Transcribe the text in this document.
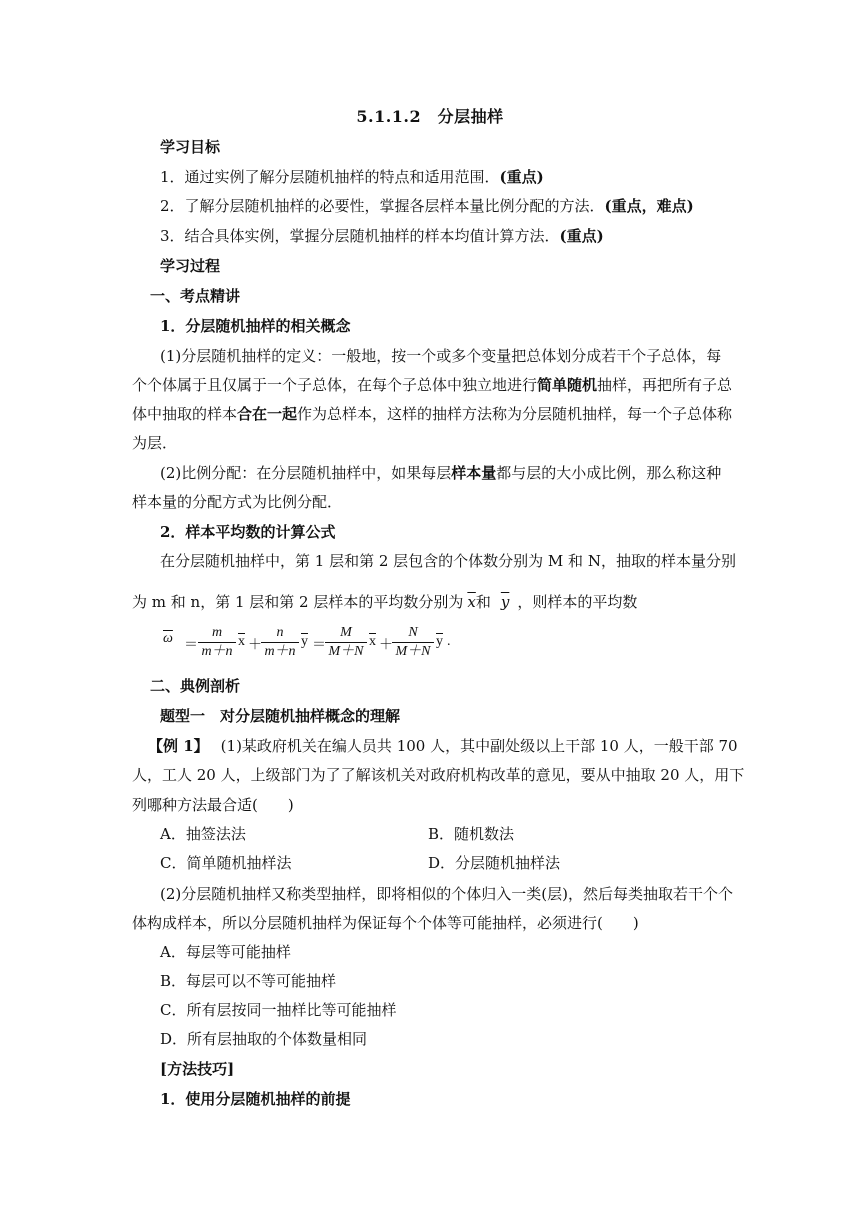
5.1.1.2　分层抽样
学习目标
1．通过实例了解分层随机抽样的特点和适用范围．(重点)
2．了解分层随机抽样的必要性，掌握各层样本量比例分配的方法．(重点，难点)
3．结合具体实例，掌握分层随机抽样的样本均值计算方法．(重点)
学习过程
一、考点精讲
1．分层随机抽样的相关概念
(1)分层随机抽样的定义：一般地，按一个或多个变量把总体划分成若干个子总体，每
个个体属于且仅属于一个子总体，在每个子总体中独立地进行简单随机抽样，再把所有子总
体中抽取的样本合在一起作为总样本，这样的抽样方法称为分层随机抽样，每一个子总体称
为层．
(2)比例分配：在分层随机抽样中，如果每层样本量都与层的大小成比例，那么称这种
样本量的分配方式为比例分配．
2．样本平均数的计算公式
在分层随机抽样中，第 1 层和第 2 层包含的个体数分别为 M 和 N，抽取的样本量分别
为 m 和 n，第 1 层和第 2 层样本的平均数分别为 $\overline{x}$和 $\overline{y}$ ，则样本的平均数
$\overline{\omega} = \frac{m}{m+n} \overline{x} + \frac{n}{m+n} \overline{y} = \frac{M}{M+N} \overline{x} + \frac{N}{M+N} \overline{y}$ .
二、典例剖析
题型一　对分层随机抽样概念的理解
【例 1】 (1)某政府机关在编人员共 100 人，其中副处级以上干部 10 人，一般干部 70
人，工人 20 人，上级部门为了了解该机关对政府机构改革的意见，要从中抽取 20 人，用下
列哪种方法最合适(　　)
A．抽签法法	B．随机数法
C．简单随机抽样法	D．分层随机抽样法
(2)分层随机抽样又称类型抽样，即将相似的个体归入一类(层)，然后每类抽取若干个个
体构成样本，所以分层随机抽样为保证每个个体等可能抽样，必须进行(　　)
A．每层等可能抽样
B．每层可以不等可能抽样
C．所有层按同一抽样比等可能抽样
D．所有层抽取的个体数量相同
[方法技巧]
1．使用分层随机抽样的前提
